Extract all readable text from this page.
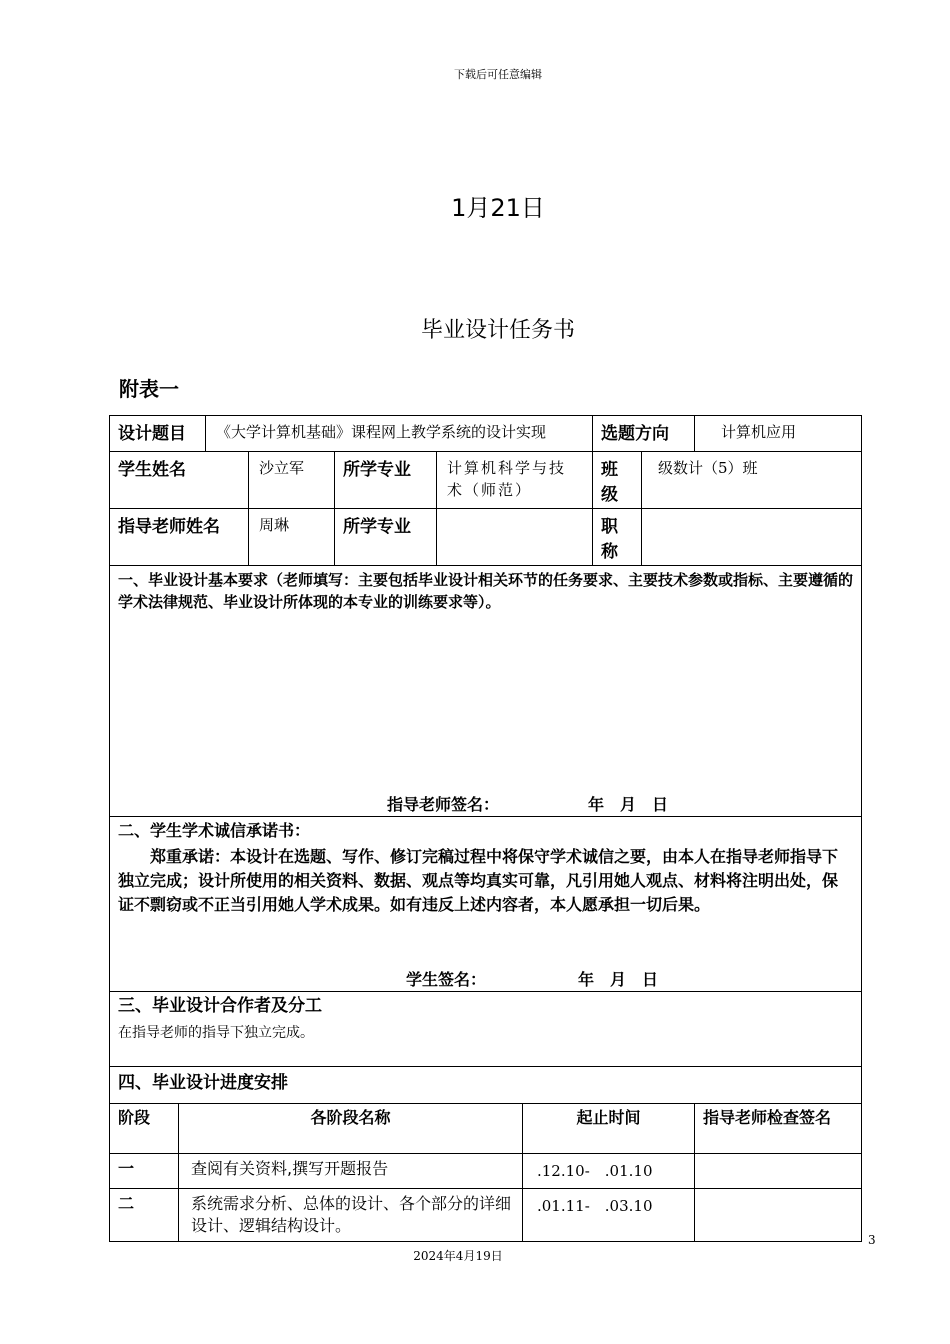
下载后可任意编辑
1月21日
毕业设计任务书
附表一
设计题目		《大学计算机基础》课程网上教学系统的设计实现					选题方向		计算机应用
学生姓名			沙立军	所学专业	计算机科学与技术（师范）		班级	级数计（5）班	
指导老师姓名			周琳	所学专业			职称		

一、毕业设计基本要求（老师填写：主要包括毕业设计相关环节的任务要求、主要技术参数或指标、主要遵循的学术法律规范、毕业设计所体现的本专业的训练要求等）。
指导老师签名： 年　月　日									

二、学生学术诚信承诺书：
郑重承诺：本设计在选题、写作、修订完稿过程中将保守学术诚信之要，由本人在指导老师指导下独立完成；设计所使用的相关资料、数据、观点等均真实可靠，凡引用她人观点、材料将注明出处，保证不剽窃或不正当引用她人学术成果。如有违反上述内容者，本人愿承担一切后果。
学生签名： 年　月　日									

三、毕业设计合作者及分工
在指导老师的指导下独立完成。									

四、毕业设计进度安排									
阶段	各阶段名称					起止时间			指导老师检查签名
一	查阅有关资料,撰写开题报告					.12.10-　.01.10			
二	系统需求分析、总体的设计、各个部分的详细设计、逻辑结构设计。					.01.11-　.03.10			
3
2024年4月19日
